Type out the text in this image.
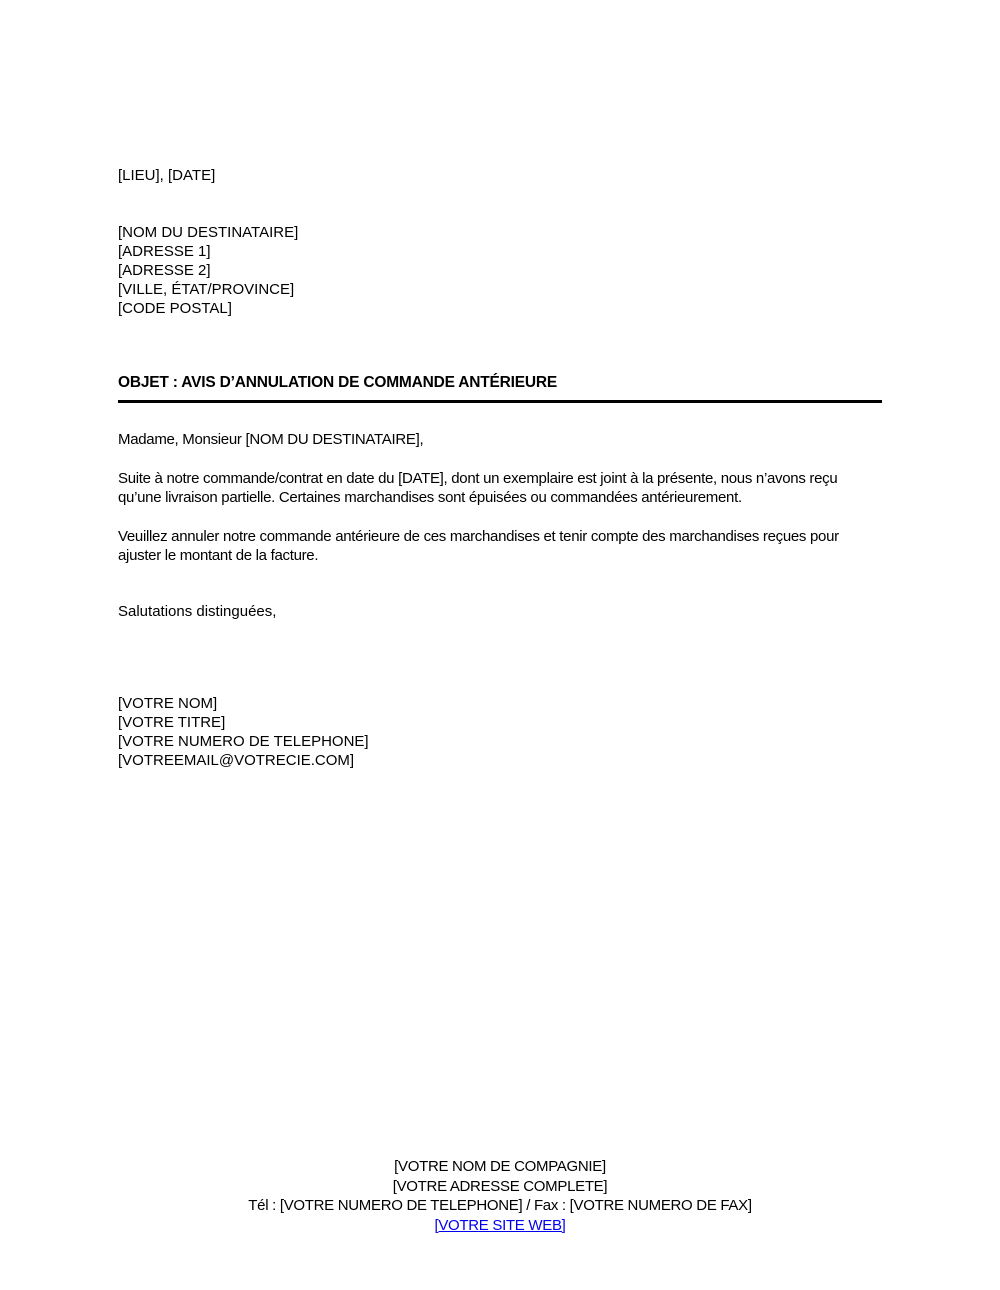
[LIEU], [DATE]

[NOM DU DESTINATAIRE]
[ADRESSE 1]
[ADRESSE 2]
[VILLE, ÉTAT/PROVINCE]
[CODE POSTAL]
OBJET : AVIS D’ANNULATION DE COMMANDE ANTÉRIEURE

Madame, Monsieur [NOM DU DESTINATAIRE],

Suite à notre commande/contrat en date du [DATE], dont un exemplaire est joint à la présente, nous n’avons reçu qu’une livraison partielle. Certaines marchandises sont épuisées ou commandées antérieurement.

Veuillez annuler notre commande antérieure de ces marchandises et tenir compte des marchandises reçues pour ajuster le montant de la facture.

Salutations distinguées,

[VOTRE NOM]
[VOTRE TITRE]
[VOTRE NUMERO DE TELEPHONE]
[VOTREEMAIL@VOTRECIE.COM]
[VOTRE NOM DE COMPAGNIE]
[VOTRE ADRESSE COMPLETE]
Tél : [VOTRE NUMERO DE TELEPHONE] / Fax : [VOTRE NUMERO DE FAX]
[VOTRE SITE WEB]
